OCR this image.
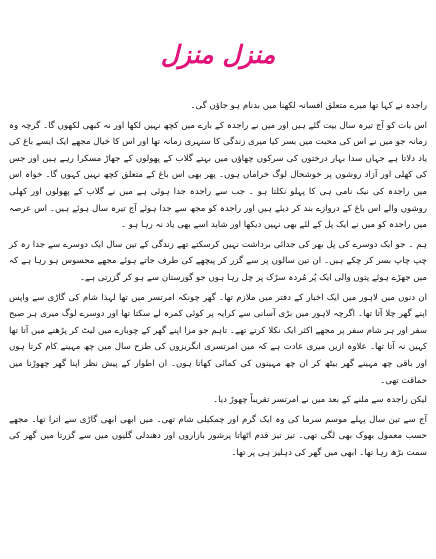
منزل منزل

راجدہ نے کہا تھا میرے متعلق افسانہ لکھنا میں بدنام ہو جاؤں گی۔

اس بات کو آج تیرہ سال بیت گئے ہیں اور میں نے راجدہ کے بارے میں کچھ نہیں لکھا اور نہ کبھی لکھوں گا۔ گرچہ وہ زمانہ جو میں نے اس کی محبت میں بسر کیا میری زندگی کا سنہری زمانہ تھا اور اس کا خیال مجھے ایک ایسے باغ کی یاد دلاتا ہے جہاں سدا بہار درختوں کی سرکوں چھاؤں میں بہتے گلاب کے پھولوں کے جھاڑ مسکرا رہے ہیں اور جس کی کھلی اور آزاد روشوں پر خوشحال لوگ خراماں ہوں۔ پھر بھی اس باغ کے متعلق کچھ نہیں کہوں گا۔ خواہ اس میں راجدہ کی نیک نامی ہی کا پہلو نکلتا ہو ۔ جب سے راجدہ جدا ہوئی ہے میں نے گلاب کے پھولوں اور کھلی روشوں والے اس باغ کے دروازے بند کر دیئے ہیں اور راجدہ کو مجھ سے جدا ہوئے آج تیرہ سال ہوئے ہیں۔ اس عرصہ میں راجدہ کو میں نے ایک پل کے لئے بھی نہیں دیکھا اور شاید اسے بھی یاد نہ رہا ہو ۔

ہم ۔ جو ایک دوسرے کی پل بھر کی جدائی برداشت نہیں کرسکتے تھے زندگی کے تین سال ایک دوسرے سے جدا رہ کر چپ چاپ بسر کر چکے ہیں۔ ان تین سالوں پر سے گزر کر پیچھے کی طرف جاتے ہوئے مجھے محسوس ہو رہا ہے کہ میں جھڑے ہوئے پتوں والی ایک پُر مُردہ سڑک پر چل رہا ہوں جو گورستان سے ہو کر گزرتی ہے۔

ان دنوں میں لاہور میں ایک اخبار کے دفتر میں ملازم تھا۔ گھر چونکہ امرتسر میں تھا لہذا شام کی گاڑی سے واپس اپنے گھر چلا آتا تھا۔ اگرچہ لاہور میں بڑی آسانی سے کرایہ پر کوئی کمرہ لے سکتا تھا اور دوسرے لوگ میری ہر صبح سفر اور ہر شام سفر پر مجھے اکثر ایک نکلا کرتے تھے۔ تاہم جو مزا اپنے گھر کے چوبارے میں لیٹ کر پڑھنے میں آتا تھا کہیں نہ آتا تھا۔ علاوہ ازیں میری عادت ہے کہ میں امرتسری انگریزوں کی طرح سال میں چھ مہینے کام کرتا ہوں اور باقی چھ مہینے گھر بیٹھ کر ان چھ مہینوں کی کمائی کھاتا ہوں۔ ان اطوار کے پیش نظر اپنا گھر چھوڑنا میں حماقت تھی۔

لیکن راجدہ سے ملنے کے بعد میں نے امرتسر تقریباً چھوڑ دیا۔

آج سے تین سال پہلے موسم سرما کی وہ ایک گرم اور چمکیلی شام تھی۔ میں ابھی ابھی گاڑی سے اترا تھا۔ مجھے حسب معمول بھوک بھی لگی تھی۔ تیز تیز قدم اٹھاتا پرشور بازاروں اور دھندلی گلیوں میں سے گزرتا میں گھر کی سمت بڑھ رہا تھا۔ ابھی میں گھر کی دہلیز ہی پر تھا۔
